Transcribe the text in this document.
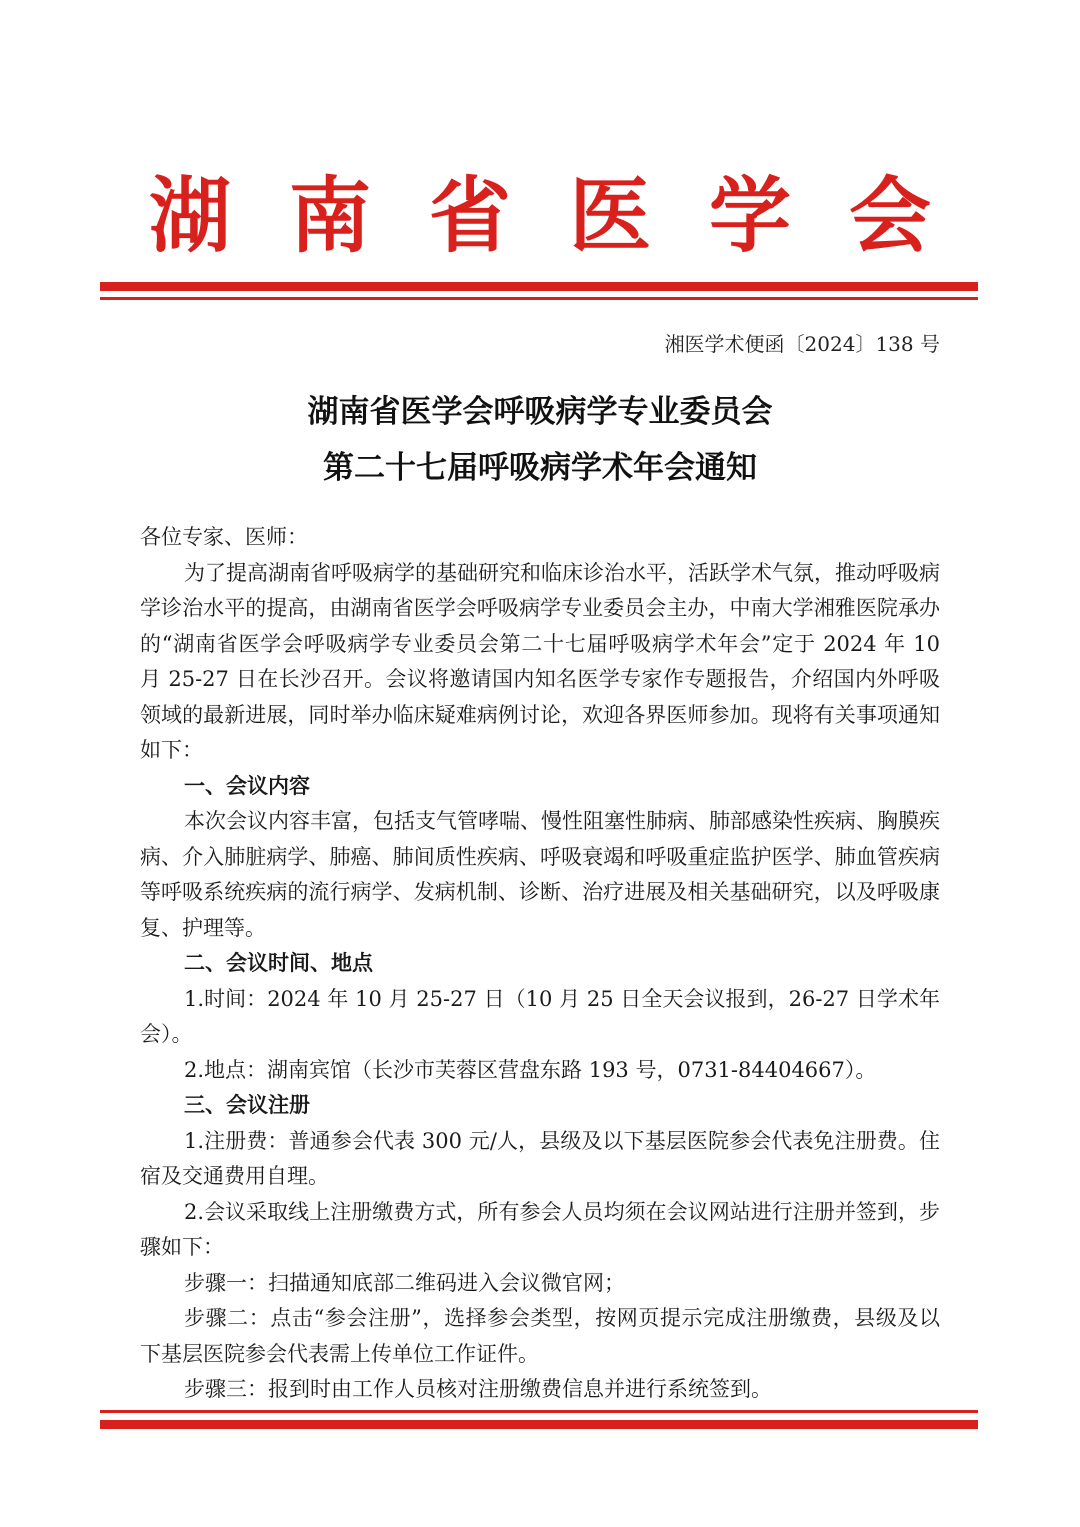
湖南省医学会
湘医学术便函〔2024〕138 号
湖南省医学会呼吸病学专业委员会
第二十七届呼吸病学术年会通知

各位专家、医师：

为了提高湖南省呼吸病学的基础研究和临床诊治水平，活跃学术气氛，推动呼吸病学诊治水平的提高，由湖南省医学会呼吸病学专业委员会主办，中南大学湘雅医院承办的“湖南省医学会呼吸病学专业委员会第二十七届呼吸病学术年会”定于 2024 年 10 月 25-27 日在长沙召开。会议将邀请国内知名医学专家作专题报告，介绍国内外呼吸领域的最新进展，同时举办临床疑难病例讨论，欢迎各界医师参加。现将有关事项通知如下：

一、会议内容

本次会议内容丰富，包括支气管哮喘、慢性阻塞性肺病、肺部感染性疾病、胸膜疾病、介入肺脏病学、肺癌、肺间质性疾病、呼吸衰竭和呼吸重症监护医学、肺血管疾病等呼吸系统疾病的流行病学、发病机制、诊断、治疗进展及相关基础研究，以及呼吸康复、护理等。

二、会议时间、地点

1.时间：2024 年 10 月 25-27 日（10 月 25 日全天会议报到，26-27 日学术年会）。

2.地点：湖南宾馆（长沙市芙蓉区营盘东路 193 号，0731-84404667）。

三、会议注册

1.注册费：普通参会代表 300 元/人，县级及以下基层医院参会代表免注册费。住宿及交通费用自理。

2.会议采取线上注册缴费方式，所有参会人员均须在会议网站进行注册并签到，步骤如下：

步骤一：扫描通知底部二维码进入会议微官网；

步骤二：点击“参会注册”，选择参会类型，按网页提示完成注册缴费，县级及以下基层医院参会代表需上传单位工作证件。

步骤三：报到时由工作人员核对注册缴费信息并进行系统签到。
